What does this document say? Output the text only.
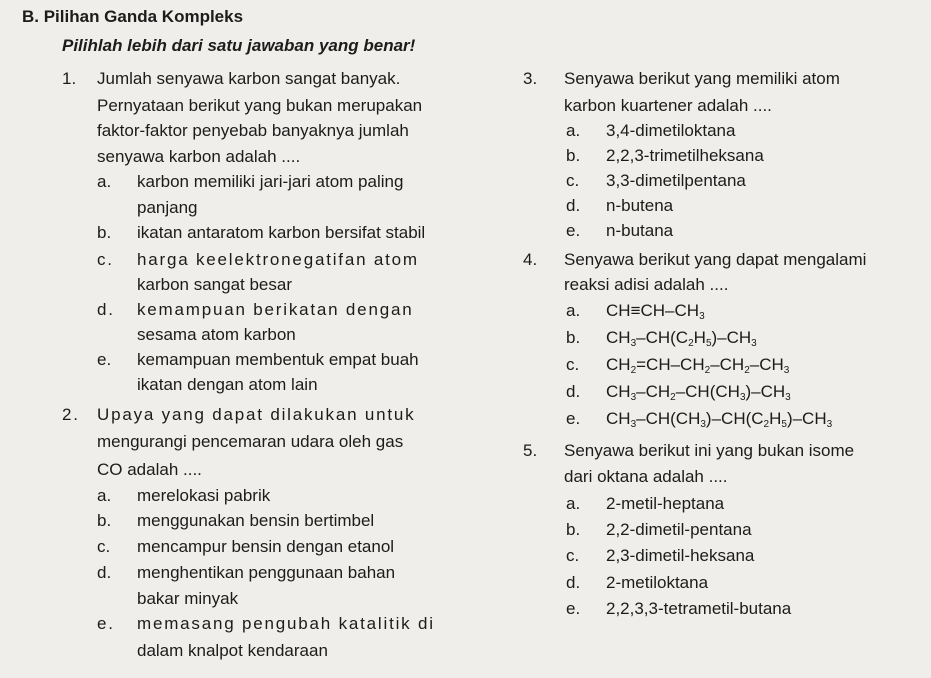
B. Pilihan Ganda Kompleks
Pilihlah lebih dari satu jawaban yang benar!
1. Jumlah senyawa karbon sangat banyak.
Pernyataan berikut yang bukan merupakan
faktor-faktor penyebab banyaknya jumlah
senyawa karbon adalah ....
a. karbon memiliki jari-jari atom paling
panjang
b. ikatan antaratom karbon bersifat stabil
c. harga keelektronegatifan atom
karbon sangat besar
d. kemampuan berikatan dengan
sesama atom karbon
e. kemampuan membentuk empat buah
ikatan dengan atom lain
2. Upaya yang dapat dilakukan untuk
mengurangi pencemaran udara oleh gas
CO adalah ....
a. merelokasi pabrik
b. menggunakan bensin bertimbel
c. mencampur bensin dengan etanol
d. menghentikan penggunaan bahan
bakar minyak
e. memasang pengubah katalitik di
dalam knalpot kendaraan
3. Senyawa berikut yang memiliki atom
karbon kuartener adalah ....
a. 3,4-dimetiloktana
b. 2,2,3-trimetilheksana
c. 3,3-dimetilpentana
d. n-butena
e. n-butana
4. Senyawa berikut yang dapat mengalami
reaksi adisi adalah ....
a. $CH\equiv CH-CH_3$
b. $CH_3-CH(C_2H_5)-CH_3$
c. $CH_2=CH-CH_2-CH_2-CH_3$
d. $CH_3-CH_2-CH(CH_3)-CH_3$
e. $CH_3-CH(CH_3)-CH(C_2H_5)-CH_3$
5. Senyawa berikut ini yang bukan isome
dari oktana adalah ....
a. 2-metil-heptana
b. 2,2-dimetil-pentana
c. 2,3-dimetil-heksana
d. 2-metiloktana
e. 2,2,3,3-tetrametil-butana
